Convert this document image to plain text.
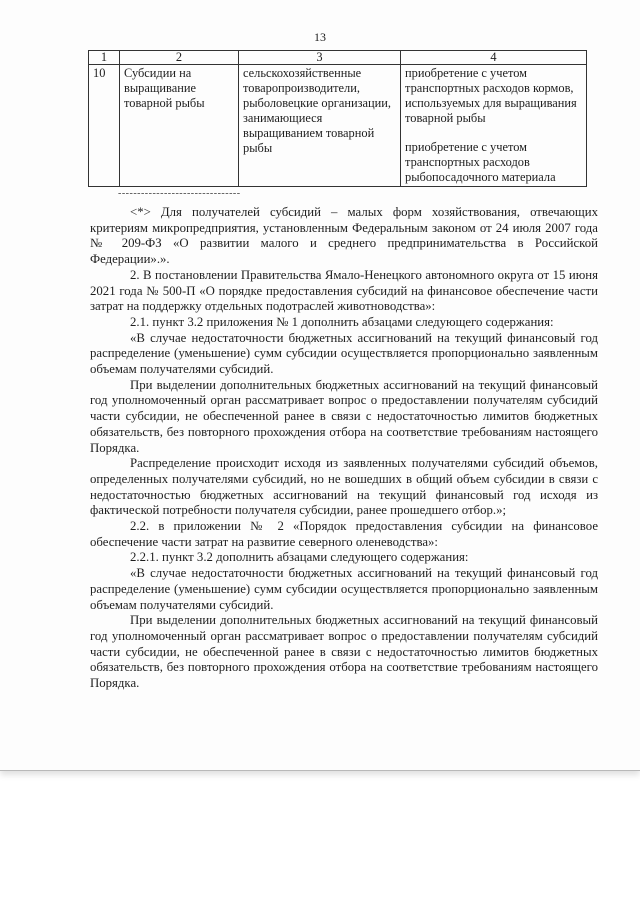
13
1	2	3	4
10	Субсидии на выращивание товарной рыбы	сельскохозяйственные товаропроизводители, рыболовецкие организации, занимающиеся выращиванием товарной рыбы	приобретение с учетом транспортных расходов кормов, используемых для выращивания товарной рыбы
приобретение с учетом транспортных расходов рыбопосадочного материала
--------------------------------

<*> Для получателей субсидий – малых форм хозяйствования, отвечающих критериям микропредприятия, установленным Федеральным законом от 24 июля 2007 года № 209-ФЗ «О развитии малого и среднего предпринимательства в Российской Федерации».».

2. В постановлении Правительства Ямало-Ненецкого автономного округа от 15 июня 2021 года № 500-П «О порядке предоставления субсидий на финансовое обеспечение части затрат на поддержку отдельных подотраслей животноводства»:

2.1. пункт 3.2 приложения № 1 дополнить абзацами следующего содержания:

«В случае недостаточности бюджетных ассигнований на текущий финансовый год распределение (уменьшение) сумм субсидии осуществляется пропорционально заявленным объемам получателями субсидий.

При выделении дополнительных бюджетных ассигнований на текущий финансовый год уполномоченный орган рассматривает вопрос о предоставлении получателям субсидий части субсидии, не обеспеченной ранее в связи с недостаточностью лимитов бюджетных обязательств, без повторного прохождения отбора на соответствие требованиям настоящего Порядка.

Распределение происходит исходя из заявленных получателями субсидий объемов, определенных получателями субсидий, но не вошедших в общий объем субсидии в связи с недостаточностью бюджетных ассигнований на текущий финансовый год исходя из фактической потребности получателя субсидии, ранее прошедшего отбор.»;

2.2. в приложении № 2 «Порядок предоставления субсидии на финансовое обеспечение части затрат на развитие северного оленеводства»:

2.2.1. пункт 3.2 дополнить абзацами следующего содержания:

«В случае недостаточности бюджетных ассигнований на текущий финансовый год распределение (уменьшение) сумм субсидии осуществляется пропорционально заявленным объемам получателями субсидий.

При выделении дополнительных бюджетных ассигнований на текущий финансовый год уполномоченный орган рассматривает вопрос о предоставлении получателям субсидий части субсидии, не обеспеченной ранее в связи с недостаточностью лимитов бюджетных обязательств, без повторного прохождения отбора на соответствие требованиям настоящего Порядка.
